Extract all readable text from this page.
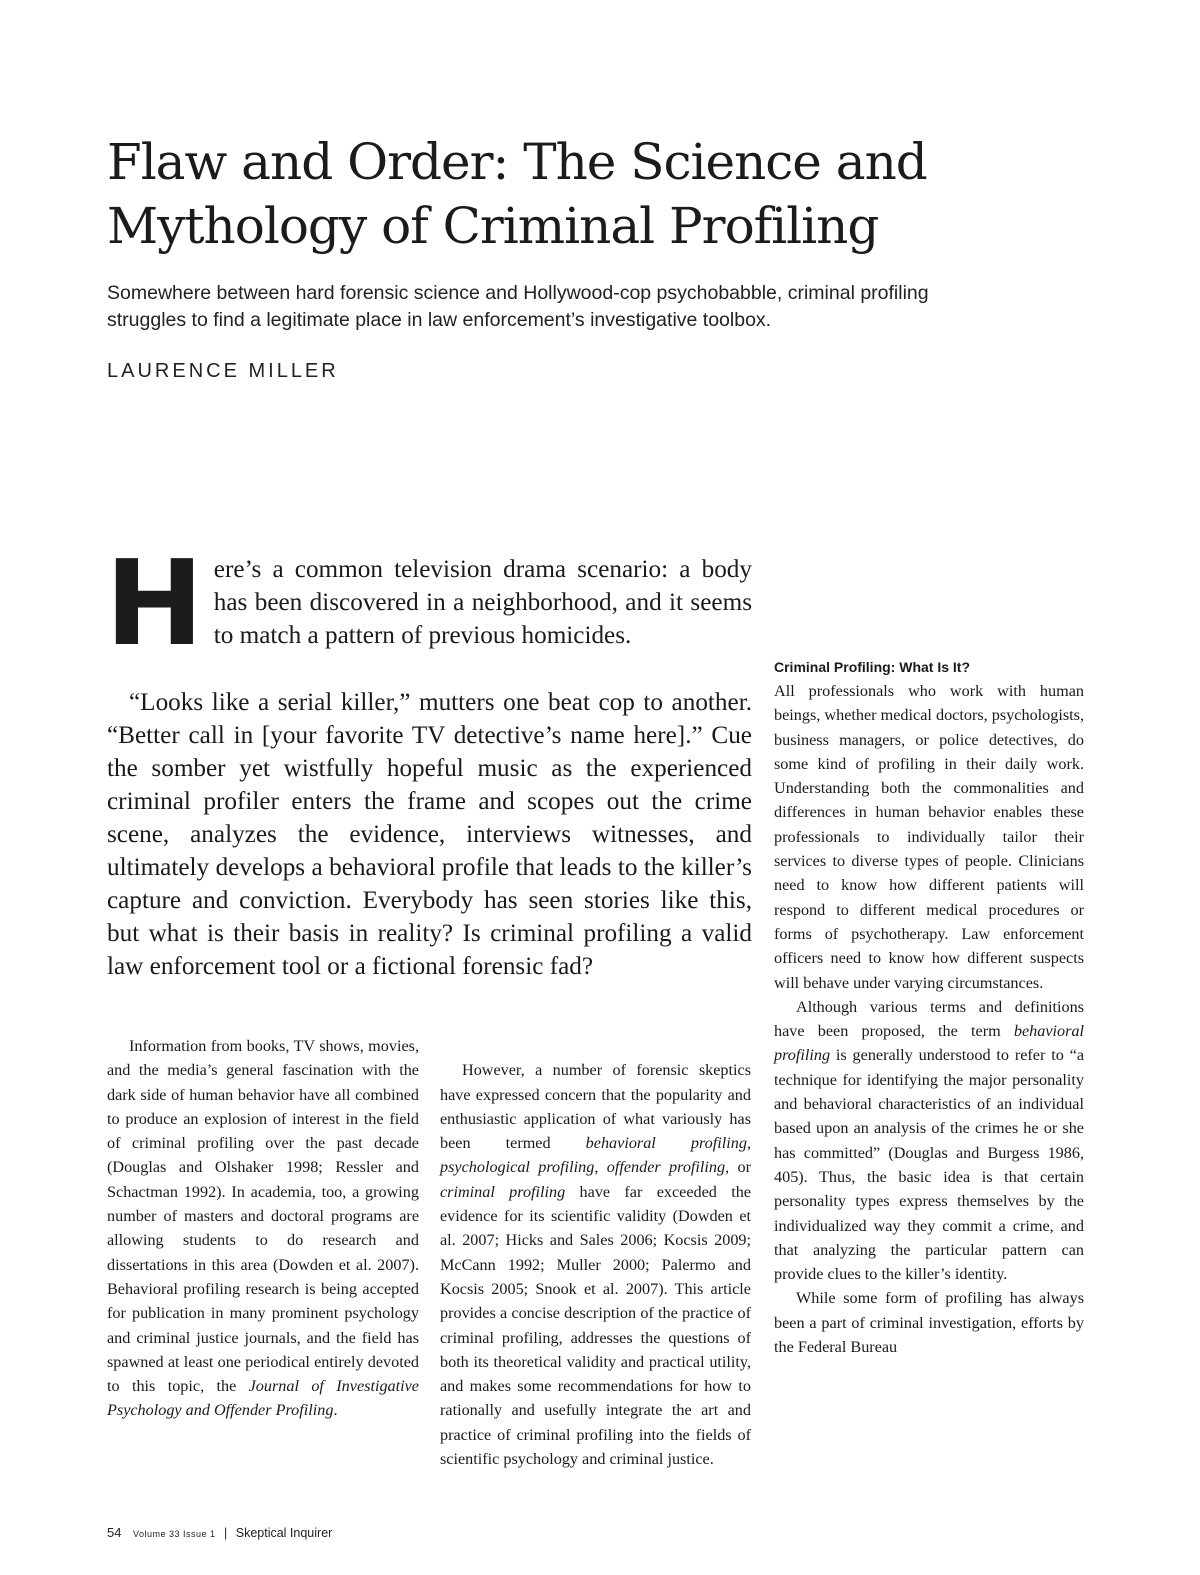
Flaw and Order: The Science and
Mythology of Criminal Profiling
Somewhere between hard forensic science and Hollywood-cop psychobabble, criminal profiling struggles to find a legitimate place in law enforcement’s investigative toolbox.
LAURENCE MILLER

Here’s a common television drama scenario: a body has been discovered in a neighborhood, and it seems to match a pattern of previous homicides.

“Looks like a serial killer,” mutters one beat cop to another. “Better call in [your favorite TV detective’s name here].” Cue the somber yet wistfully hopeful music as the experienced criminal profiler enters the frame and scopes out the crime scene, analyzes the evidence, interviews witnesses, and ultimately develops a behavioral profile that leads to the killer’s capture and conviction. Everybody has seen stories like this, but what is their basis in reality? Is criminal profiling a valid law enforcement tool or a fictional forensic fad?

Information from books, TV shows, movies, and the media’s general fascination with the dark side of human behavior have all combined to produce an explosion of interest in the field of criminal profiling over the past decade (Douglas and Olshaker 1998; Ressler and Schactman 1992). In academia, too, a growing number of masters and doctoral programs are allowing students to do research and dissertations in this area (Dowden et al. 2007). Behavioral profiling research is being accepted for publication in many prominent psychology and criminal justice journals, and the field has spawned at least one periodical entirely devoted to this topic, the Journal of Investigative Psychology and Offender Profiling.

However, a number of forensic skeptics have expressed concern that the popularity and enthusiastic application of what variously has been termed behavioral profiling, psychological profiling, offender profiling, or criminal profiling have far exceeded the evidence for its scientific validity (Dowden et al. 2007; Hicks and Sales 2006; Kocsis 2009; McCann 1992; Muller 2000; Palermo and Kocsis 2005; Snook et al. 2007). This article provides a concise description of the practice of criminal profiling, addresses the questions of both its theoretical validity and practical utility, and makes some recommendations for how to rationally and usefully integrate the art and practice of criminal profiling into the fields of scientific psychology and criminal justice.

Criminal Profiling: What Is It?

All professionals who work with human beings, whether medical doctors, psychologists, business managers, or police detectives, do some kind of profiling in their daily work. Understanding both the commonalities and differences in human behavior enables these professionals to individually tailor their services to diverse types of people. Clinicians need to know how different patients will respond to different medical procedures or forms of psychotherapy. Law enforcement officers need to know how different suspects will behave under varying circumstances.

Although various terms and definitions have been proposed, the term behavioral profiling is generally understood to refer to “a technique for identifying the major personality and behavioral characteristics of an individual based upon an analysis of the crimes he or she has committed” (Douglas and Burgess 1986, 405). Thus, the basic idea is that certain personality types express themselves by the individualized way they commit a crime, and that analyzing the particular pattern can provide clues to the killer’s identity.

While some form of profiling has always been a part of criminal investigation, efforts by the Federal Bureau

54 Volume 33 Issue 1 | Skeptical Inquirer
